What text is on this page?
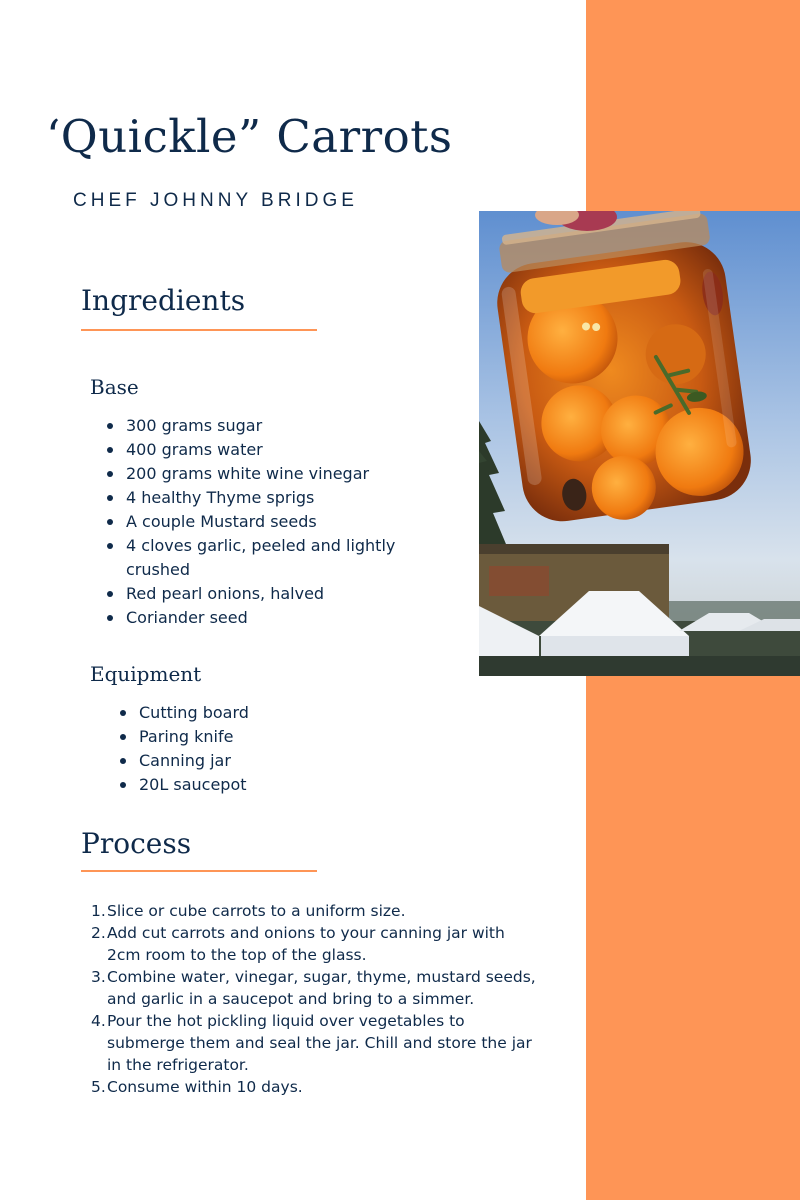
‘Quickle” Carrots

CHEF JOHNNY BRIDGE

Ingredients
Base
300 grams sugar
400 grams water
200 grams white wine vinegar
4 healthy Thyme sprigs
A couple Mustard seeds
4 cloves garlic, peeled and lightly crushed
Red pearl onions, halved
Coriander seed
Equipment
Cutting board
Paring knife
Canning jar
20L saucepot
Process
1. Slice or cube carrots to a uniform size.
2. Add cut carrots and onions to your canning jar with 2cm room to the top of the glass.
3. Combine water, vinegar, sugar, thyme, mustard seeds, and garlic in a saucepot and bring to a simmer.
4. Pour the hot pickling liquid over vegetables to submerge them and seal the jar. Chill and store the jar in the refrigerator.
5. Consume within 10 days.
